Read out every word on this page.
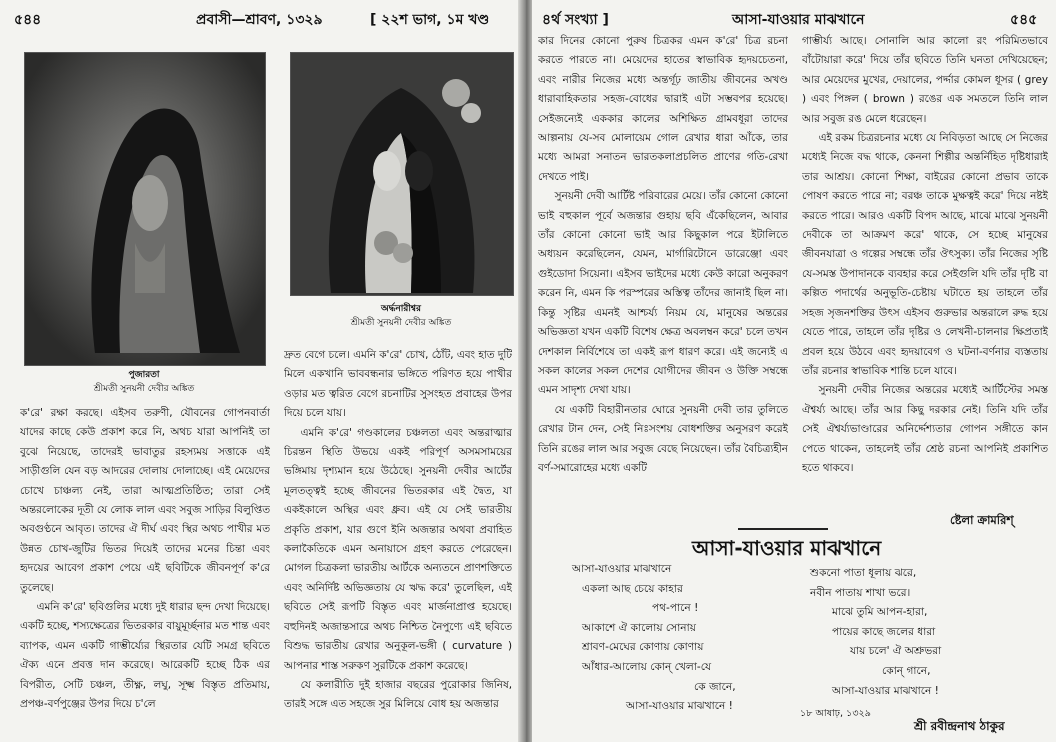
৫৪৪	প্রবাসী—শ্রাবণ, ১৩২৯	[ ২২শ ভাগ, ১ম খণ্ড
পুজারতা
শ্রীমতী সুনয়নী দেবীর অঙ্কিত
অর্দ্ধনারীশ্বর
শ্রীমতী সুনয়নী দেবীর অঙ্কিত

ক'রে' রক্ষা করছে। এইসব তরুণী, যৌবনের গোপনবার্তা যাদের কাছে কেউ প্রকাশ করে নি, অথচ যারা আপনিই তা বুঝে নিয়েছে, তাদেরই ভাবাতুর রহস্যময় সত্তাকে এই সাড়ীগুলি যেন বড় আদরের দোলায় দোলাচ্ছে। এই মেয়েদের চোখে চাঞ্চল্য নেই, তারা আত্মপ্রতিষ্ঠিত; তারা সেই অন্তরলোকের দূতী যে লোক লাল এবং সবুজ সাড়ির বিলুপ্তিত অবগুণ্ঠনে আবৃত। তাদের ঐ দীর্ঘ এবং স্থির অথচ পাখীর মত উন্নত চোখ-জুটির ভিতর দিয়েই তাদের মনের চিন্তা এবং হৃদয়ের আবেগ প্রকাশ পেয়ে এই ছবিটিকে জীবনপূর্ণ ক'রে তুলেছে।

এমনি ক'রে' ছবিগুলির মধ্যে দুই ধারার ছন্দ দেখা দিয়েছে। একটি হচ্ছে, শস্যক্ষেত্রের ভিতরকার বায়ুমূর্চ্ছনার মত শান্ত এবং ব্যাপক, এমন একটি গাম্ভীর্য্যের স্থিরতার যেটি সমগ্র ছবিতে ঐক্য এনে প্রবত্ত দান করেছে। আরেকটি হচ্ছে ঠিক এর বিপরীত, সেটি চঞ্চল, তীক্ষ্ণ, লঘু, সূক্ষ্ম বিস্তৃত প্রতিমায়, প্রপঞ্চ-বর্ণপুঞ্জের উপর দিয়ে চ'লে

দ্রুত বেগে চলে। এমনি ক'রে' চোখ, ঠোঁট, এবং হাত দুটি মিলে একখানি ভাববন্ধনার ভঙ্গিতে পরিণত হয়ে পাখীর ওড়ার মত ত্বরিত বেগে রচনাটির সুসংহত প্রবাহের উপর দিয়ে চলে যায়।

এমনি ক'রে' গণ্ডকালের চঞ্চলতা এবং অন্তরাত্মার চিরন্তন স্থিতি উভয়ে একই পরিপূর্ণ অসমসাময়ের ভঙ্গিমায় দৃশ্যমান হয়ে উঠেছে। সুনয়নী দেবীর আর্টের মূলতত্ত্বই হচ্ছে জীবনের ভিতরকার এই দ্বৈত, যা একইকালে অস্থির এবং ধ্রুব। এই যে সেই ভারতীয় প্রকৃতি প্রকাশ, যার গুণে ইনি অজন্তার অথবা প্রবাহিত কলাকৈতিকে এমন অনায়াসে গ্রহণ করতে পেরেছেন। মোগল চিত্রকলা ভারতীয় আর্টকে অন্যতনে প্রাণশক্তিতে এবং অনির্দিষ্ট অভিজ্ঞতায় যে ঋদ্ধ করে' তুলেছিল, এই ছবিতে সেই রূপটি বিস্তৃত এবং মার্জনাপ্রাপ্ত হয়েছে। বহুদিনই অজান্তসারে অথচ নিশ্চিত নৈপুণ্যে এই ছবিতে বিশুদ্ধ ভারতীয় রেখার অনুকূল-ভঙ্গী ( curvature ) আপনার শাস্ত সরুকণ সুরটিকে প্রকাশ করেছে।

যে কলারীতি দুই হাজার বছরের পুরোকার জিনিষ, তারই সঙ্গে এত সহজে সুর মিলিয়ে বোধ হয় অজন্তার

৪র্থ সংখ্যা ]	আসা-যাওয়ার মাঝখানে	৫৪৫

কার দিনের কোনো পুরুষ চিত্রকর এমন ক'রে' চিত্র রচনা করতে পারতে না। মেয়েদের হাতের স্বাভাবিক হৃদয়চেতনা, এবং নারীর নিজের মধ্যে অন্তর্গূঢ় জাতীয় জীবনের অখণ্ড ধারাবাহিকতার সহজ-বোধের দ্বারাই এটা সম্ভবপর হয়েছে। সেইজন্যেই এককার কালের অশিক্ষিত গ্রামবধূরা তাদের আল্পনায় যে-সব মোলায়েম গোল রেখার ধারা আঁকে, তার মধ্যে আমরা সনাতন ভারতকলাপ্রচলিত প্রাণের গতি-রেখা দেখতে পাই।

সুনয়নী দেবী আর্টিষ্ট পরিবারের মেয়ে। তাঁর কোনো কোনো ভাই বহুকাল পূর্বে অজন্তার গুহায় ছবি এঁকেছিলেন, আবার তাঁর কোনো কোনো ভাই আর কিছুকাল পরে ইটালিতে অধ্যয়ন করেছিলেন, যেমন, মার্গারিটোনে ডারেঞ্জো এবং গুইডোদা সিয়েনা। এইসব ভাইদের মধ্যে কেউ কারো অনুকরণ করেন নি, এমন কি পরস্পরের অস্তিত্ব তাঁদের জানাই ছিল না। কিন্তু সৃষ্টির এমনই আশ্চর্য্য নিয়ম যে, মানুষের অন্তরের অভিজ্ঞতা যখন একটি বিশেষ ক্ষেত্র অবলম্বন করে' চলে তখন দেশকাল নির্বিশেষে তা একই রূপ ধারণ করে। এই জন্যেই এ সকল কালের সকল দেশের যোগীদের জীবন ও উক্তি সম্বন্ধে এমন সাদৃশ্য দেখা যায়।

যে একটি বিহারীনতার ঘোরে সুনয়নী দেবী তার তুলিতে রেখার টান দেন, সেই নিঃসংশয় বোধশক্তির অনুসরণ করেই তিনি রঙের লাল আর সবুজ বেছে নিয়েছেন। তাঁর বৈচিত্র্যহীন বর্ণ-সমারোহের মধ্যে একটি

গাম্ভীর্য্য আছে। সোনালি আর কালো রং পরিমিতভাবে বাঁটোয়ারা করে' দিয়ে তাঁর ছবিতে তিনি ঘনতা দেখিয়েছেন; আর মেয়েদের মুখের, দেয়ালের, পর্দ্দার কোমল ধূসর ( grey ) এবং পিঙ্গল ( brown ) রঙের এক সমতলে তিনি লাল আর সবুজ রঙ মেলে ধরেছেন।

এই রকম চিত্ররচনার মধ্যে যে নিবিড়তা আছে সে নিজের মধ্যেই নিজে বদ্ধ থাকে, কেননা শিল্পীর অন্তর্নিহিত দৃষ্টিধারাই তার আশ্রয়। কোনো শিক্ষা, বাইরের কোনো প্রভাব তাকে পোষণ করতে পারে না; বরঞ্চ তাকে মুক্ষত্বই করে' দিয়ে নষ্টই করতে পারে। আরও একটি বিপদ আছে, মাঝে মাঝে সুনয়নী দেবীকে তা আক্রমণ করে' থাকে, সে হচ্ছে মানুষের জীবনযাত্রা ও গল্পের সম্বন্ধে তাঁর ঔৎসুক্য। তাঁর নিজের সৃষ্টি যে-সমস্ত উপাদানকে ব্যবহার করে সেইগুলি যদি তাঁর দৃষ্টি বা কল্পিত পদার্থের অনুভূতি-চেষ্টায় ঘটাতে হয় তাহলে তাঁর সহজ সৃজনশক্তির উৎস এইসব গুরুভার অন্তরালে রুদ্ধ হয়ে যেতে পারে, তাহলে তাঁর দৃষ্টির ও লেখনী-চালনার ক্ষিপ্রতাই প্রবল হয়ে উঠবে এবং হৃদয়াবেগ ও ঘটনা-বর্ণনার ব্যস্ততায় তাঁর রচনার স্বাভাবিক শান্তি চলে যাবে।

সুনয়নী দেবীর নিজের অন্তরের মধ্যেই আর্টিস্টের সমস্ত ঐশ্বর্য্য আছে। তাঁর আর কিছু দরকার নেই। তিনি যদি তাঁর সেই ঐশ্বর্য্যভাণ্ডারের অনির্দ্দেশ্যতার গোপন সঙ্গীতে কান পেতে থাকেন, তাহলেই তাঁর শ্রেষ্ঠ রচনা আপনিই প্রকাশিত হতে থাকবে।

ষ্টেলা ক্রামরিশ্
আসা-যাওয়ার মাঝখানে
আসা-যাওয়ার মাঝখানে
একলা আছ চেয়ে কাহার
পথ-পানে !
আকাশে ঐ কালোয় সোনায়
শ্রাবণ-মেঘের কোণায় কোণায়
আঁধার-আলোয় কোন্ খেলা-যে
কে জানে,
আসা-যাওয়ার মাঝখানে !
শুকনো পাতা ধূলায় ঝরে,
নবীন পাতায় শাখা ভরে।
মাঝে তুমি আপন-হারা,
পায়ের কাছে জলের ধারা
যায় চলে' ঐ অশ্রুভরা
কোন্ গানে,
আসা-যাওয়ার মাঝখানে !
১৮ আষাঢ়, ১৩২৯
শ্রী রবীন্দ্রনাথ ঠাকুর
